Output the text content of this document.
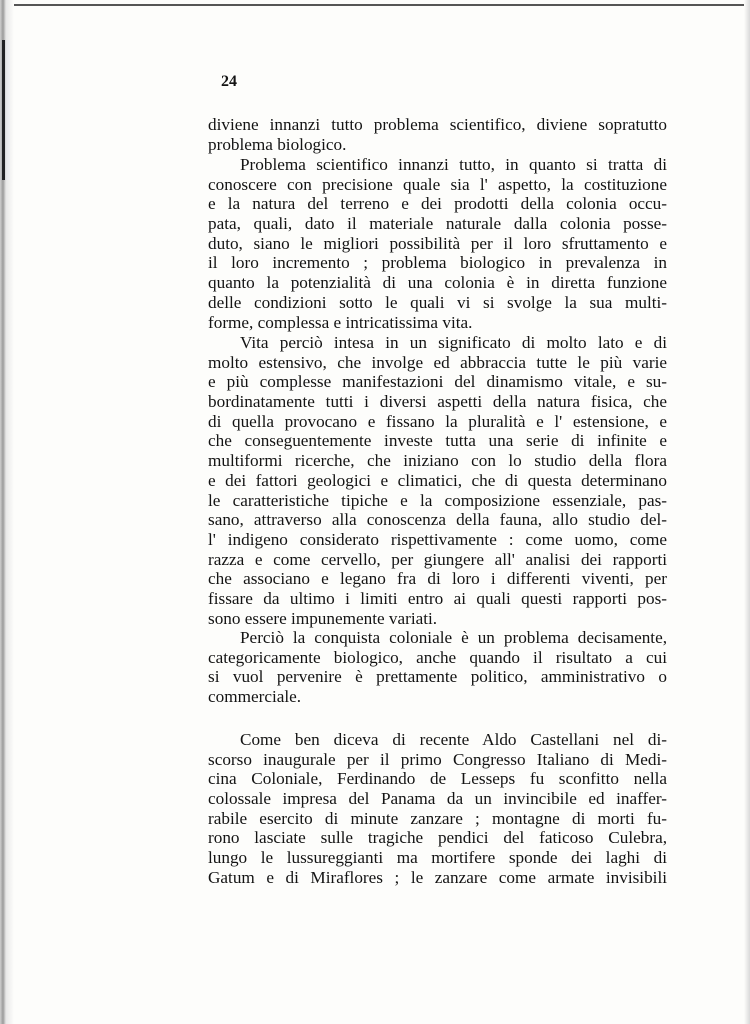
24
diviene innanzi tutto problema scientifico, diviene sopratutto
problema biologico.
Problema scientifico innanzi tutto, in quanto si tratta di
conoscere con precisione quale sia l' aspetto, la costituzione
e la natura del terreno e dei prodotti della colonia occu-
pata, quali, dato il materiale naturale dalla colonia posse-
duto, siano le migliori possibilità per il loro sfruttamento e
il loro incremento ; problema biologico in prevalenza in
quanto la potenzialità di una colonia è in diretta funzione
delle condizioni sotto le quali vi si svolge la sua multi-
forme, complessa e intricatissima vita.
Vita perciò intesa in un significato di molto lato e di
molto estensivo, che involge ed abbraccia tutte le più varie
e più complesse manifestazioni del dinamismo vitale, e su-
bordinatamente tutti i diversi aspetti della natura fisica, che
di quella provocano e fissano la pluralità e l' estensione, e
che conseguentemente investe tutta una serie di infinite e
multiformi ricerche, che iniziano con lo studio della flora
e dei fattori geologici e climatici, che di questa determinano
le caratteristiche tipiche e la composizione essenziale, pas-
sano, attraverso alla conoscenza della fauna, allo studio del-
l' indigeno considerato rispettivamente : come uomo, come
razza e come cervello, per giungere all' analisi dei rapporti
che associano e legano fra di loro i differenti viventi, per
fissare da ultimo i limiti entro ai quali questi rapporti pos-
sono essere impunemente variati.
Perciò la conquista coloniale è un problema decisamente,
categoricamente biologico, anche quando il risultato a cui
si vuol pervenire è prettamente politico, amministrativo o
commerciale.
Come ben diceva di recente Aldo Castellani nel di-
scorso inaugurale per il primo Congresso Italiano di Medi-
cina Coloniale, Ferdinando de Lesseps fu sconfitto nella
colossale impresa del Panama da un invincibile ed inaffer-
rabile esercito di minute zanzare ; montagne di morti fu-
rono lasciate sulle tragiche pendici del faticoso Culebra,
lungo le lussureggianti ma mortifere sponde dei laghi di
Gatum e di Miraflores ; le zanzare come armate invisibili
